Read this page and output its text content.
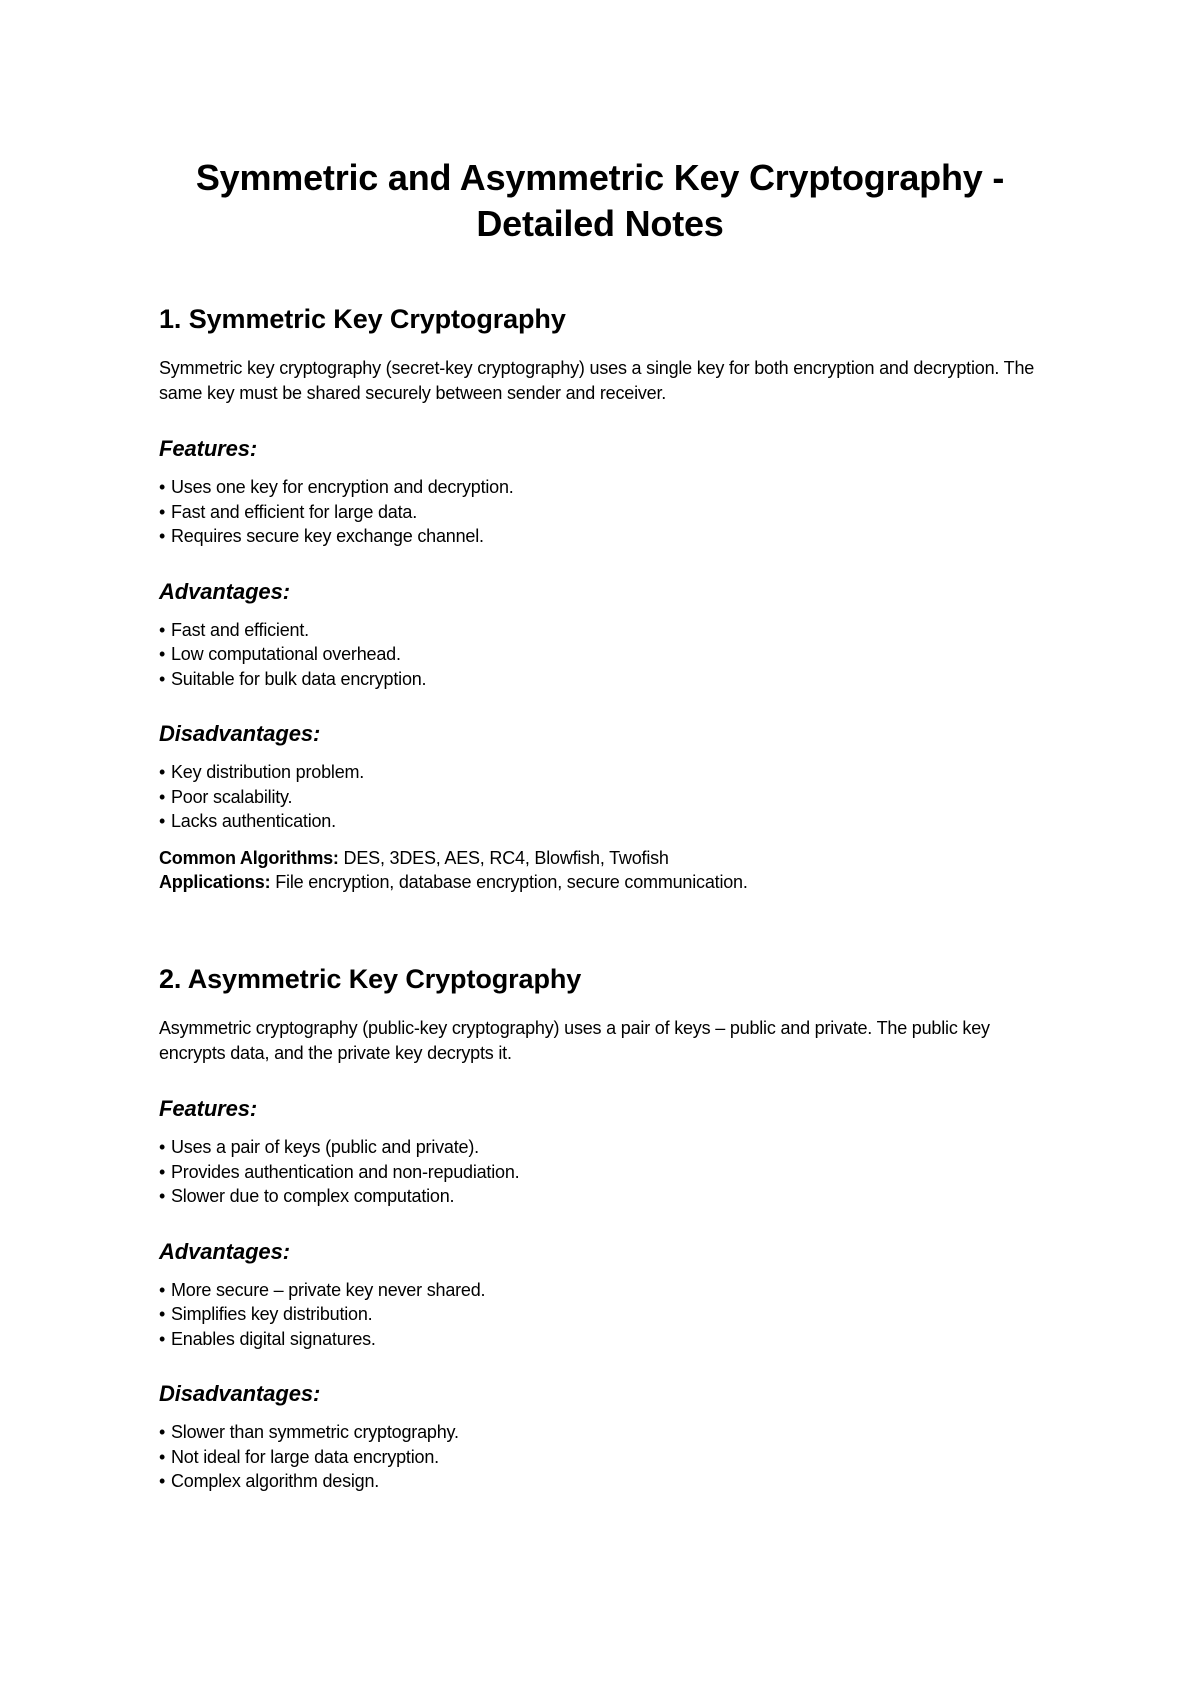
Symmetric and Asymmetric Key Cryptography - Detailed Notes
1. Symmetric Key Cryptography

Symmetric key cryptography (secret-key cryptography) uses a single key for both encryption and decryption. The same key must be shared securely between sender and receiver.

Features:
• Uses one key for encryption and decryption.
• Fast and efficient for large data.
• Requires secure key exchange channel.
Advantages:
• Fast and efficient.
• Low computational overhead.
• Suitable for bulk data encryption.
Disadvantages:
• Key distribution problem.
• Poor scalability.
• Lacks authentication.

Common Algorithms: DES, 3DES, AES, RC4, Blowfish, Twofish

Applications: File encryption, database encryption, secure communication.

2. Asymmetric Key Cryptography

Asymmetric cryptography (public-key cryptography) uses a pair of keys – public and private. The public key encrypts data, and the private key decrypts it.

Features:
• Uses a pair of keys (public and private).
• Provides authentication and non-repudiation.
• Slower due to complex computation.
Advantages:
• More secure – private key never shared.
• Simplifies key distribution.
• Enables digital signatures.
Disadvantages:
• Slower than symmetric cryptography.
• Not ideal for large data encryption.
• Complex algorithm design.
